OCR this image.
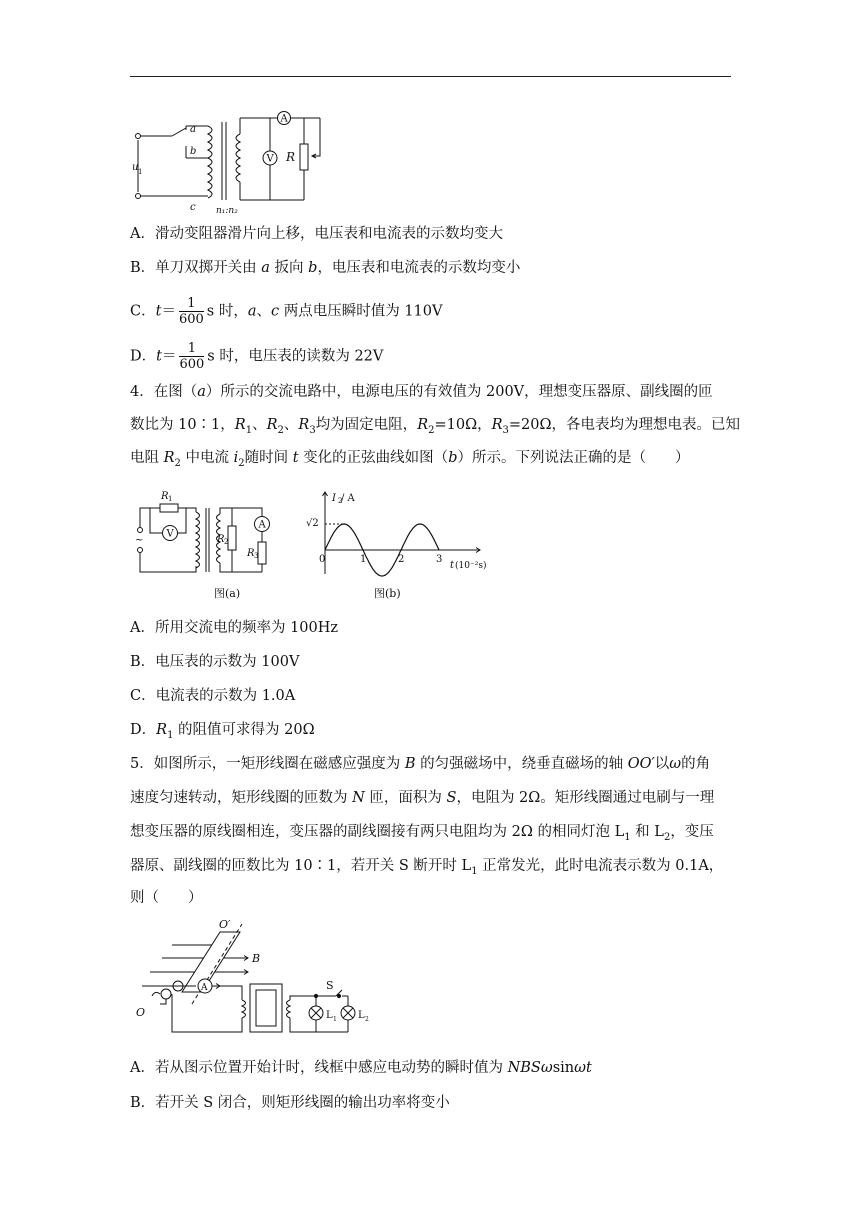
A
V R
a
b
c
u 1
n₁:n₂
A．滑动变阻器滑片向上移，电压表和电流表的示数均变大
B．单刀双掷开关由 a 扳向 b，电压表和电流表的示数均变小
C．$t= \frac{1}{600}$ s 时，a、c 两点电压瞬时值为 110V
D．$t= \frac{1}{600}$ s 时，电压表的读数为 22V
4．在图（a）所示的交流电路中，电源电压的有效值为 200V，理想变压器原、副线圈的匝
数比为 10∶1，$R_1$、$R_2$、$R_3$均为固定电阻，$R_2=10\Omega$，$R_3=20\Omega$，各电表均为理想电表。已知
电阻 $R_2$ 中电流 $i_2$随时间 t 变化的正弦曲线如图（b）所示。下列说法正确的是（　　）
R 1
R 2
R 3
V
A
~
图(a)
0	1	2	3
I 2
/ A
√2
t (10⁻²s)
图(b)
A．所用交流电的频率为 100Hz
B．电压表的示数为 100V
C．电流表的示数为 1.0A
D．$R_1$ 的阻值可求得为 20Ω
5．如图所示，一矩形线圈在磁感应强度为 B 的匀强磁场中，绕垂直磁场的轴 OO′以ω的角
速度匀速转动，矩形线圈的匝数为 N 匝，面积为 S，电阻为 2Ω。矩形线圈通过电刷与一理
想变压器的原线圈相连，变压器的副线圈接有两只电阻均为 2Ω 的相同灯泡 $L_1$ 和 $L_2$，变压
器原、副线圈的匝数比为 10∶1，若开关 S 断开时 $L_1$ 正常发光，此时电流表示数为 0.1A，
则（　　）
O′
O
B
A	S
L 1 L 2
A．若从图示位置开始计时，线框中感应电动势的瞬时值为 NBSωsinωt
B．若开关 S 闭合，则矩形线圈的输出功率将变小
